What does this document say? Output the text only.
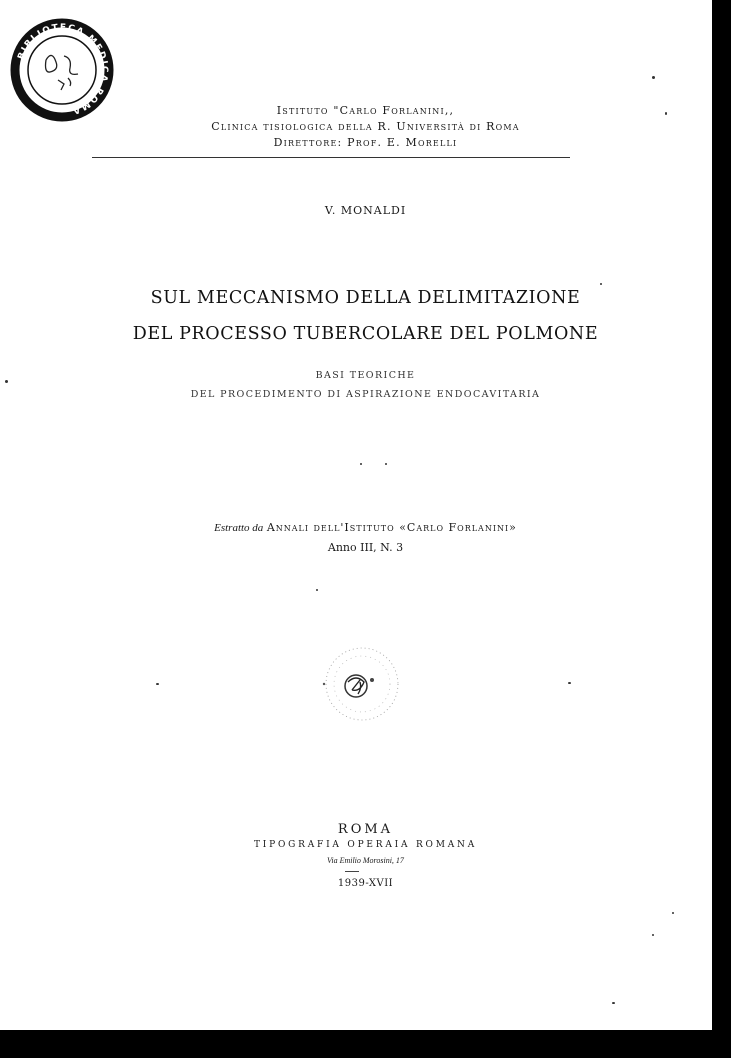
BIBLIOTECA MEDICA ROMA	Istituto "Carlo Forlanini,,
Clinica tisiologica della R. Università di Roma
Direttore: Prof. E. Morelli
V. MONALDI
SUL MECCANISMO DELLA DELIMITAZIONE
DEL PROCESSO TUBERCOLARE DEL POLMONE
BASI TEORICHE
DEL PROCEDIMENTO DI ASPIRAZIONE ENDOCAVITARIA
Estratto da Annali dell'Istituto «Carlo Forlanini»
Anno III, N. 3
ROMA
TIPOGRAFIA OPERAIA ROMANA
Via Emilio Morosini, 17
1939-XVII
